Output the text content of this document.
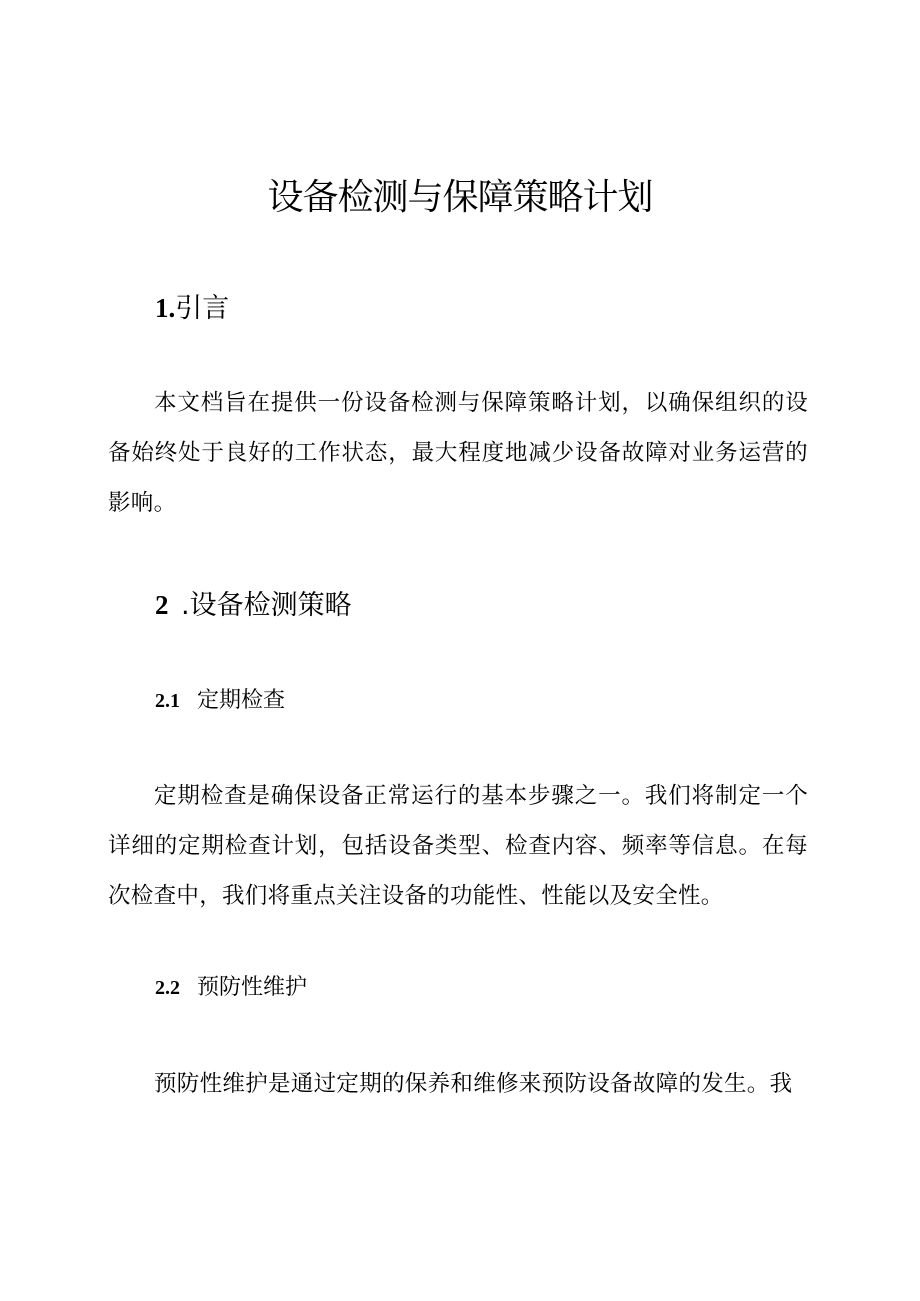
设备检测与保障策略计划
1.引言
本文档旨在提供一份设备检测与保障策略计划，以确保组织的设备始终处于良好的工作状态，最大程度地减少设备故障对业务运营的影响。
2 .设备检测策略
2.1 定期检查
定期检查是确保设备正常运行的基本步骤之一。我们将制定一个详细的定期检查计划，包括设备类型、检查内容、频率等信息。在每次检查中，我们将重点关注设备的功能性、性能以及安全性。
2.2 预防性维护
预防性维护是通过定期的保养和维修来预防设备故障的发生。我
